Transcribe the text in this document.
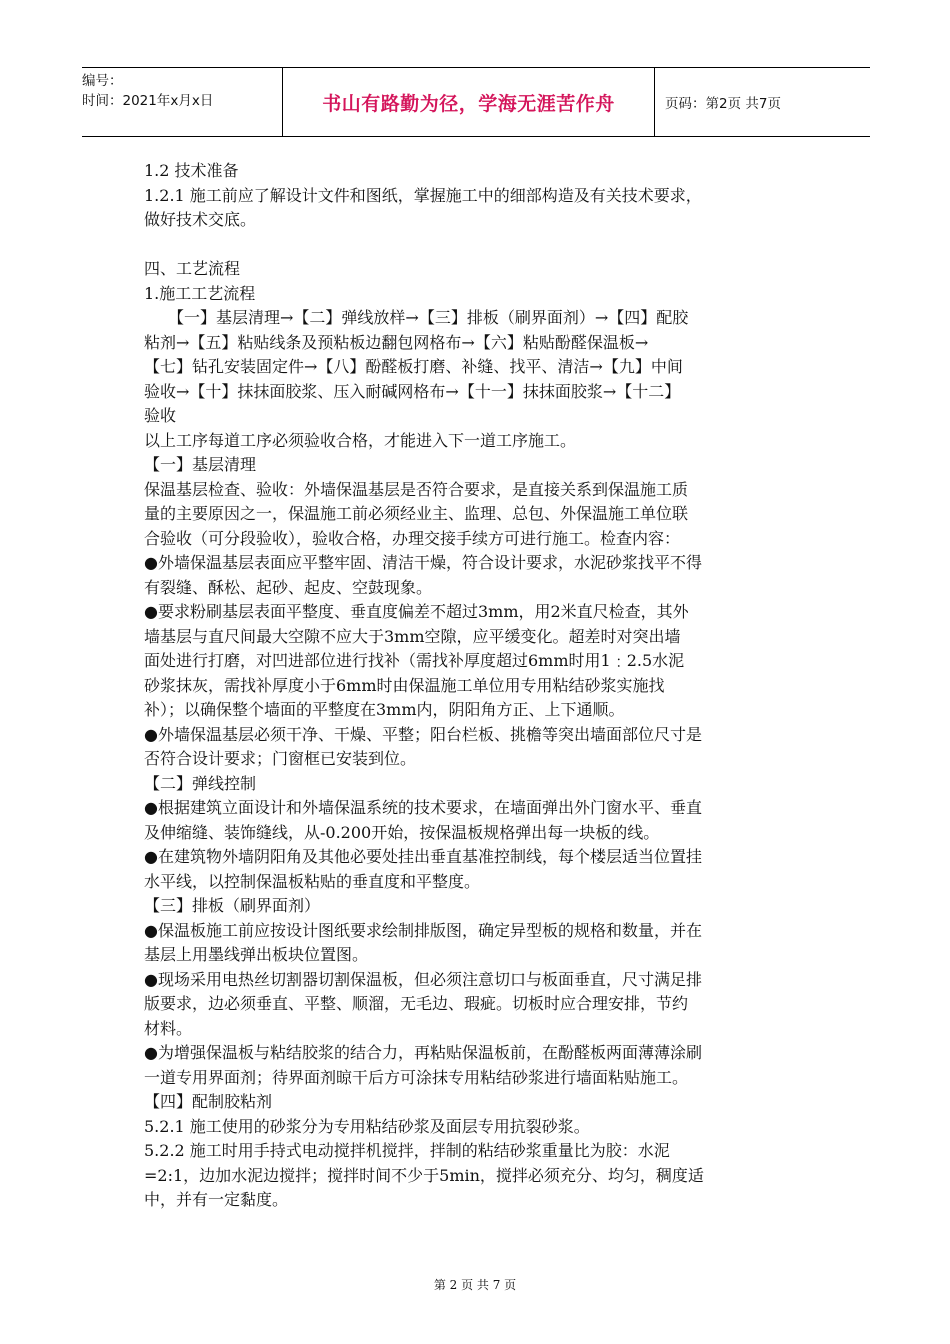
编号：
时间：2021年x月x日	书山有路勤为径，学海无涯苦作舟	页码：第2页 共7页

1.2 技术准备

1.2.1 施工前应了解设计文件和图纸，掌握施工中的细部构造及有关技术要求，

做好技术交底。

四、工艺流程

1.施工工艺流程

　　【一】基层清理→【二】弹线放样→【三】排板（刷界面剂）→【四】配胶

粘剂→【五】粘贴线条及预粘板边翻包网格布→【六】粘贴酚醛保温板→

【七】钻孔安装固定件→【八】酚醛板打磨、补缝、找平、清洁→【九】中间

验收→【十】抹抹面胶浆、压入耐碱网格布→【十一】抹抹面胶浆→【十二】

验收

以上工序每道工序必须验收合格，才能进入下一道工序施工。

【一】基层清理

保温基层检查、验收：外墙保温基层是否符合要求，是直接关系到保温施工质

量的主要原因之一，保温施工前必须经业主、监理、总包、外保温施工单位联

合验收（可分段验收），验收合格，办理交接手续方可进行施工。检查内容：

●外墙保温基层表面应平整牢固、清洁干燥，符合设计要求，水泥砂浆找平不得

有裂缝、酥松、起砂、起皮、空鼓现象。

●要求粉刷基层表面平整度、垂直度偏差不超过3mm，用2米直尺检查，其外

墙基层与直尺间最大空隙不应大于3mm空隙，应平缓变化。超差时对突出墙

面处进行打磨，对凹进部位进行找补（需找补厚度超过6mm时用1﹕2.5水泥

砂浆抹灰，需找补厚度小于6mm时由保温施工单位用专用粘结砂浆实施找

补）；以确保整个墙面的平整度在3mm内，阴阳角方正、上下通顺。

●外墙保温基层必须干净、干燥、平整；阳台栏板、挑檐等突出墙面部位尺寸是

否符合设计要求；门窗框已安装到位。

【二】弹线控制

●根据建筑立面设计和外墙保温系统的技术要求，在墙面弹出外门窗水平、垂直

及伸缩缝、装饰缝线，从-0.200开始，按保温板规格弹出每一块板的线。

●在建筑物外墙阴阳角及其他必要处挂出垂直基准控制线，每个楼层适当位置挂

水平线，以控制保温板粘贴的垂直度和平整度。

【三】排板（刷界面剂）

●保温板施工前应按设计图纸要求绘制排版图，确定异型板的规格和数量，并在

基层上用墨线弹出板块位置图。

●现场采用电热丝切割器切割保温板，但必须注意切口与板面垂直，尺寸满足排

版要求，边必须垂直、平整、顺溜，无毛边、瑕疵。切板时应合理安排，节约

材料。

●为增强保温板与粘结胶浆的结合力，再粘贴保温板前，在酚醛板两面薄薄涂刷

一道专用界面剂；待界面剂晾干后方可涂抹专用粘结砂浆进行墙面粘贴施工。

【四】配制胶粘剂

5.2.1 施工使用的砂浆分为专用粘结砂浆及面层专用抗裂砂浆。

5.2.2 施工时用手持式电动搅拌机搅拌，拌制的粘结砂浆重量比为胶：水泥

=2:1，边加水泥边搅拌；搅拌时间不少于5min，搅拌必须充分、均匀，稠度适

中，并有一定黏度。

第 2 页 共 7 页
